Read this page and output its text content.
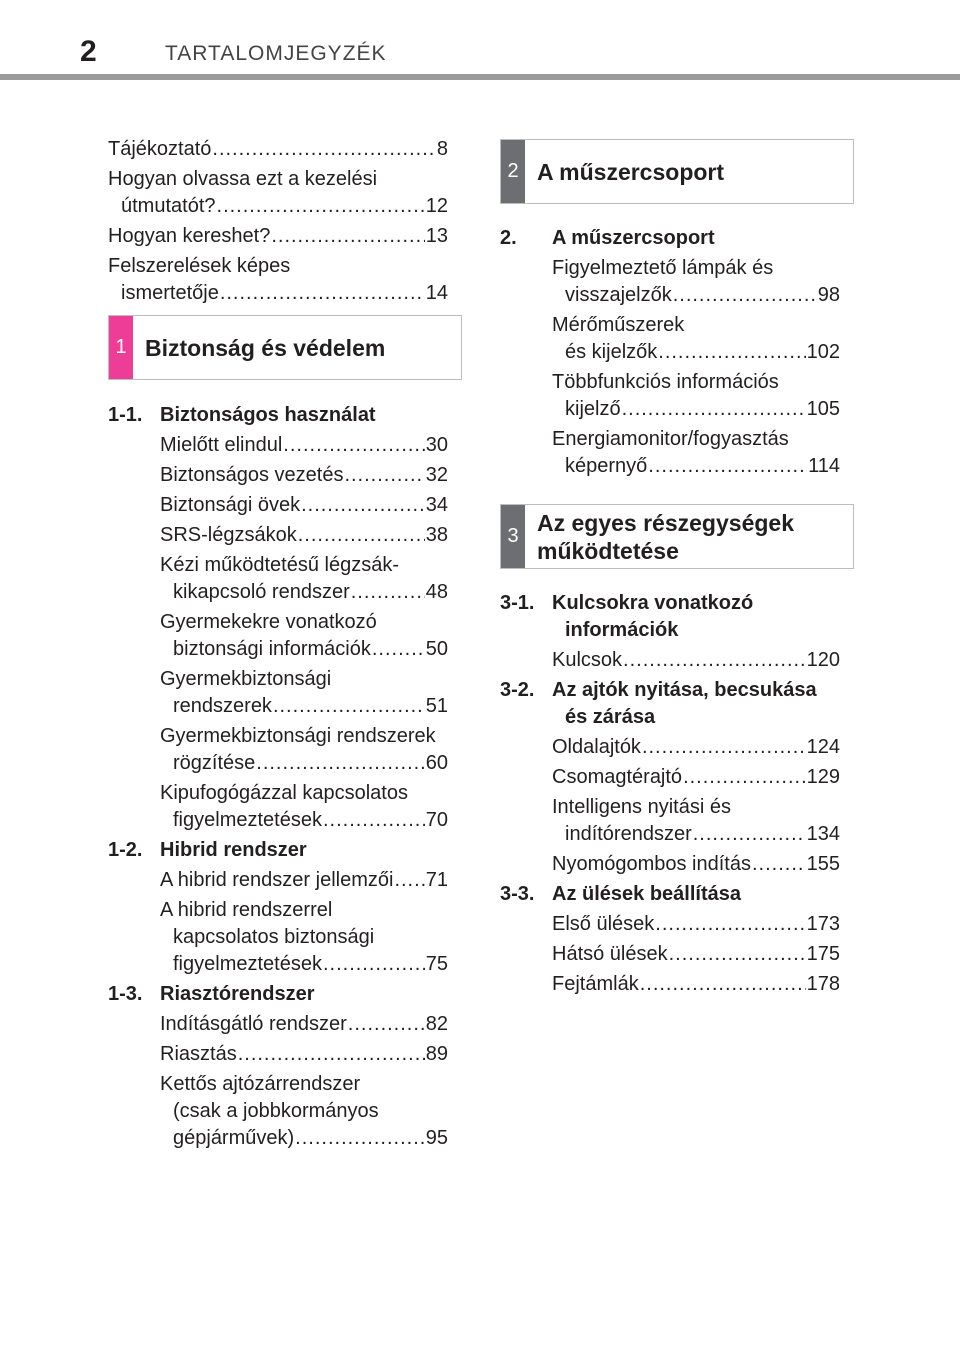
2	TARTALOMJEGYZÉK
Tájékoztató .....	8
Hogyan olvassa ezt a kezelési
útmutatót? .....	12
Hogyan kereshet? .....	13
Felszerelések képes
ismertetője .....	14
1 Biztonság és védelem
1-1. Biztonságos használat
Mielőtt elindul .....	30
Biztonságos vezetés .....	32
Biztonsági övek .....	34
SRS-légzsákok .....	38
Kézi működtetésű légzsák-
kikapcsoló rendszer .....	48
Gyermekekre vonatkozó
biztonsági információk .....	50
Gyermekbiztonsági
rendszerek .....	51
Gyermekbiztonsági rendszerek
rögzítése .....	60
Kipufogógázzal kapcsolatos
figyelmeztetések .....	70
1-2. Hibrid rendszer
A hibrid rendszer jellemzői ..... 71
A hibrid rendszerrel
kapcsolatos biztonsági
figyelmeztetések .....	75
1-3. Riasztórendszer
Indításgátló rendszer .....	82
Riasztás .....	89
Kettős ajtózárrendszer
(csak a jobbkormányos
gépjárművek) .....	95
2 A műszercsoport
2.	A műszercsoport
Figyelmeztető lámpák és
visszajelzők .....	98
Mérőműszerek
és kijelzők .....	102
Többfunkciós információs
kijelző .....	105
Energiamonitor/fogyasztás
képernyő .....	114
3
Az egyes részegységek
működtetése
3-1. Kulcsokra vonatkozó
információk
Kulcsok .....	120
3-2. Az ajtók nyitása, becsukása
és zárása
Oldalajtók .....	124
Csomagtérajtó .....	129
Intelligens nyitási és
indítórendszer .....	134
Nyomógombos indítás .....	155
3-3. Az ülések beállítása
Első ülések .....	173
Hátsó ülések .....	175
Fejtámlák .....	178
